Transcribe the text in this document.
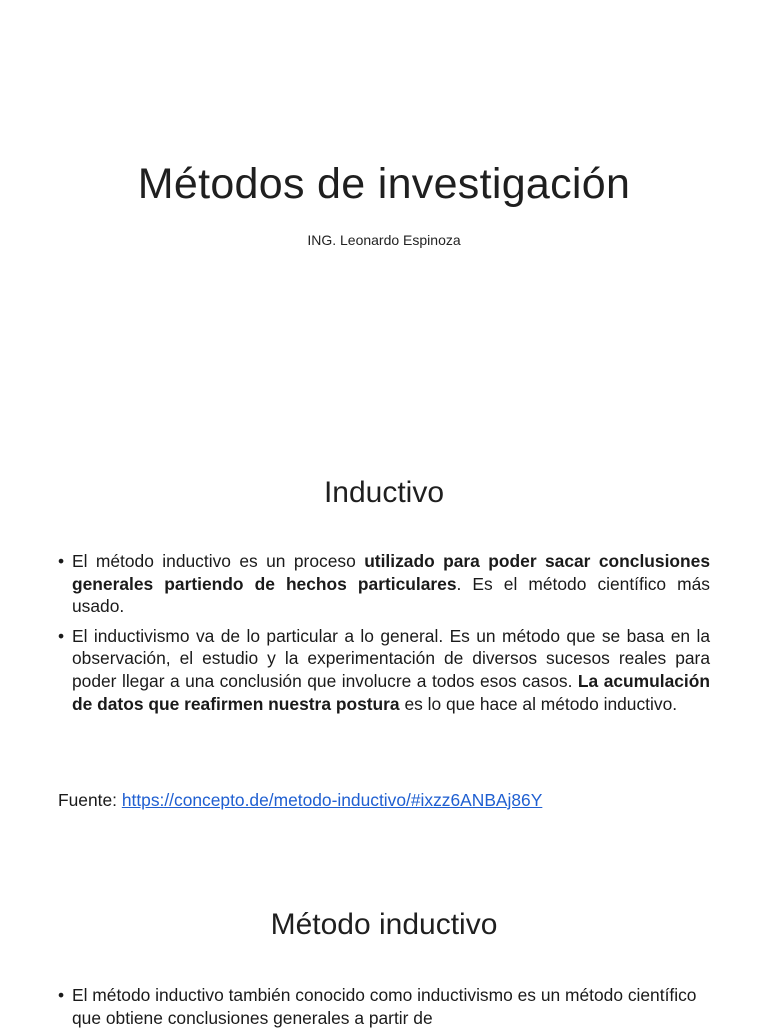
Métodos de investigación

ING. Leonardo Espinoza

Inductivo
• El método inductivo es un proceso utilizado para poder sacar conclusiones generales partiendo de hechos particulares. Es el método científico más usado.
• El inductivismo va de lo particular a lo general. Es un método que se basa en la observación, el estudio y la experimentación de diversos sucesos reales para poder llegar a una conclusión que involucre a todos esos casos. La acumulación de datos que reafirmen nuestra postura es lo que hace al método inductivo.
Fuente: https://concepto.de/metodo-inductivo/#ixzz6ANBAj86Y
Método inductivo
• El método inductivo también conocido como inductivismo es un método científico que obtiene conclusiones generales a partir de
